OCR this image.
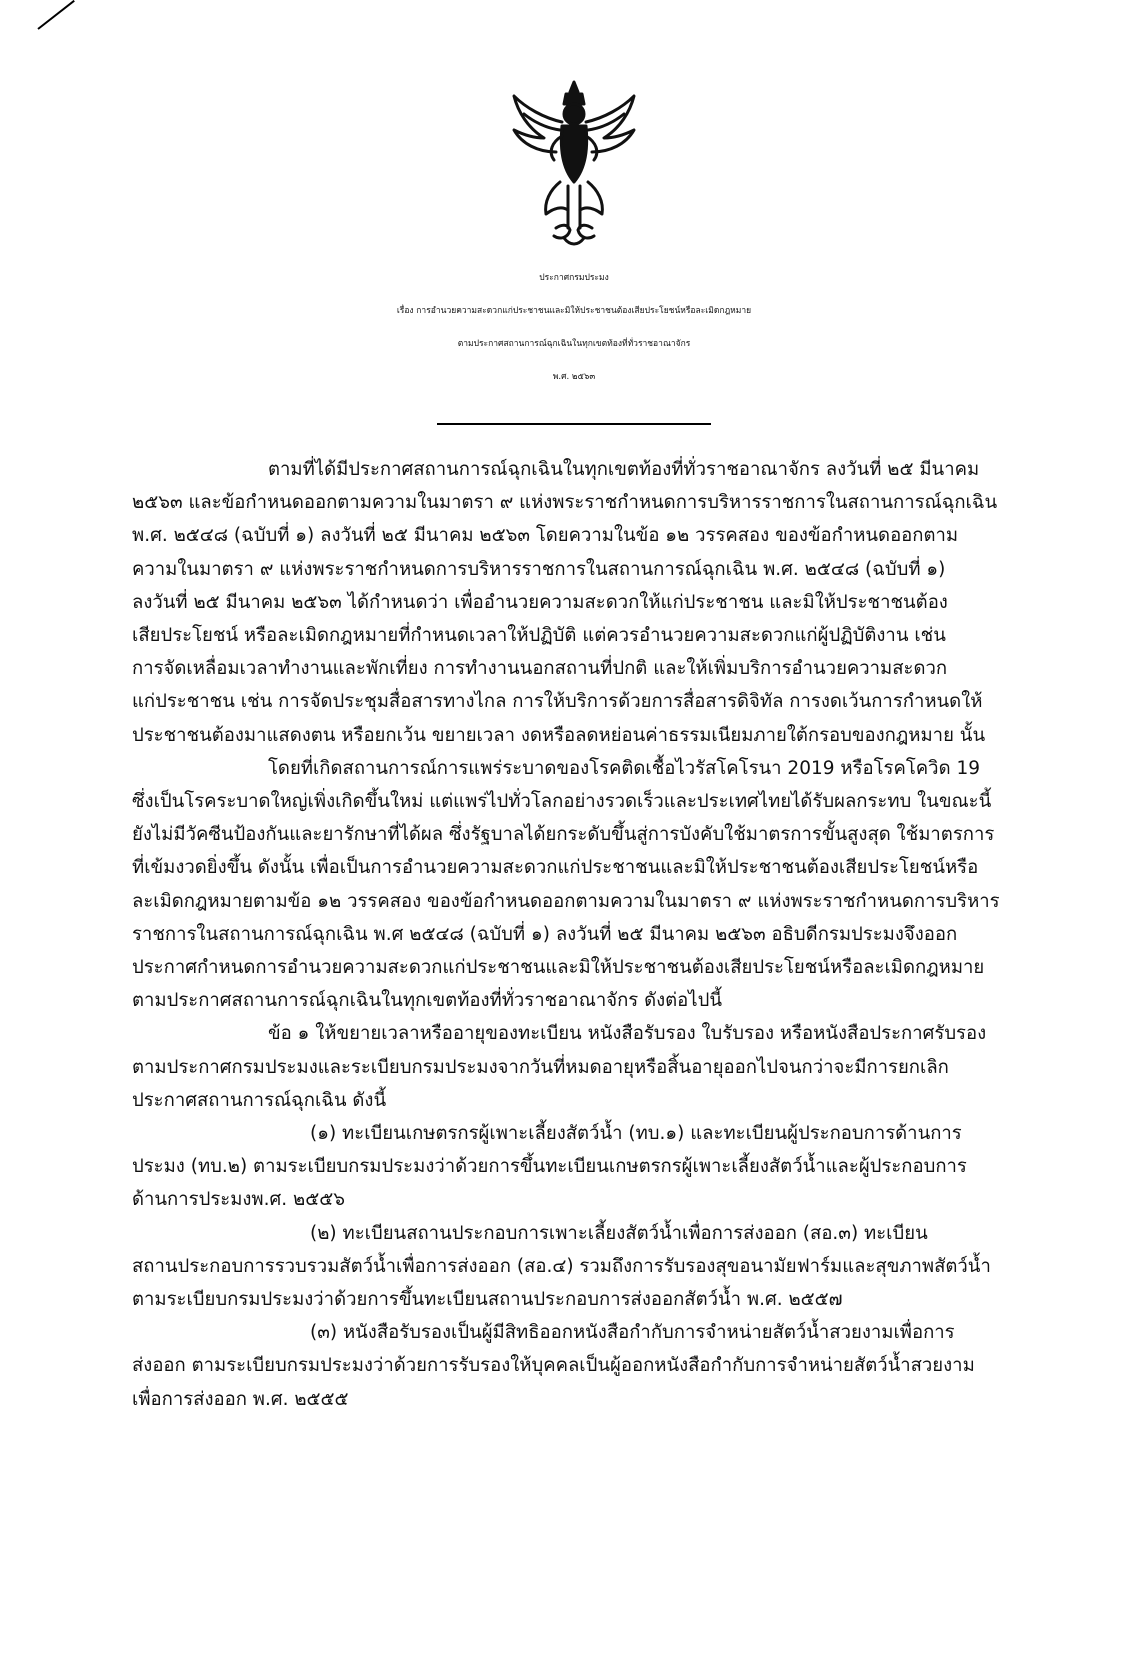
ประกาศกรมประมง
เรื่อง การอำนวยความสะดวกแก่ประชาชนและมิให้ประชาชนต้องเสียประโยชน์หรือละเมิดกฎหมาย
ตามประกาศสถานการณ์ฉุกเฉินในทุกเขตท้องที่ทั่วราชอาณาจักร
พ.ศ. ๒๕๖๓
ตามที่ได้มีประกาศสถานการณ์ฉุกเฉินในทุกเขตท้องที่ทั่วราชอาณาจักร ลงวันที่ ๒๕ มีนาคม
๒๕๖๓ และข้อกำหนดออกตามความในมาตรา ๙ แห่งพระราชกำหนดการบริหารราชการในสถานการณ์ฉุกเฉิน
พ.ศ. ๒๕๔๘ (ฉบับที่ ๑) ลงวันที่ ๒๕ มีนาคม ๒๕๖๓ โดยความในข้อ ๑๒ วรรคสอง ของข้อกำหนดออกตาม
ความในมาตรา ๙ แห่งพระราชกำหนดการบริหารราชการในสถานการณ์ฉุกเฉิน พ.ศ. ๒๕๔๘ (ฉบับที่ ๑)
ลงวันที่ ๒๕ มีนาคม ๒๕๖๓ ได้กำหนดว่า เพื่ออำนวยความสะดวกให้แก่ประชาชน และมิให้ประชาชนต้อง
เสียประโยชน์ หรือละเมิดกฎหมายที่กำหนดเวลาให้ปฏิบัติ แต่ควรอำนวยความสะดวกแก่ผู้ปฏิบัติงาน เช่น
การจัดเหลื่อมเวลาทำงานและพักเที่ยง การทำงานนอกสถานที่ปกติ และให้เพิ่มบริการอำนวยความสะดวก
แก่ประชาชน เช่น การจัดประชุมสื่อสารทางไกล การให้บริการด้วยการสื่อสารดิจิทัล การงดเว้นการกำหนดให้
ประชาชนต้องมาแสดงตน หรือยกเว้น ขยายเวลา งดหรือลดหย่อนค่าธรรมเนียมภายใต้กรอบของกฎหมาย นั้น
โดยที่เกิดสถานการณ์การแพร่ระบาดของโรคติดเชื้อไวรัสโคโรนา 2019 หรือโรคโควิด 19
ซึ่งเป็นโรคระบาดใหญ่เพิ่งเกิดขึ้นใหม่ แต่แพร่ไปทั่วโลกอย่างรวดเร็วและประเทศไทยได้รับผลกระทบ ในขณะนี้
ยังไม่มีวัคซีนป้องกันและยารักษาที่ได้ผล ซึ่งรัฐบาลได้ยกระดับขึ้นสู่การบังคับใช้มาตรการขั้นสูงสุด ใช้มาตรการ
ที่เข้มงวดยิ่งขึ้น ดังนั้น เพื่อเป็นการอำนวยความสะดวกแก่ประชาชนและมิให้ประชาชนต้องเสียประโยชน์หรือ
ละเมิดกฎหมายตามข้อ ๑๒ วรรคสอง ของข้อกำหนดออกตามความในมาตรา ๙ แห่งพระราชกำหนดการบริหาร
ราชการในสถานการณ์ฉุกเฉิน พ.ศ ๒๕๔๘ (ฉบับที่ ๑) ลงวันที่ ๒๕ มีนาคม ๒๕๖๓ อธิบดีกรมประมงจึงออก
ประกาศกำหนดการอำนวยความสะดวกแก่ประชาชนและมิให้ประชาชนต้องเสียประโยชน์หรือละเมิดกฎหมาย
ตามประกาศสถานการณ์ฉุกเฉินในทุกเขตท้องที่ทั่วราชอาณาจักร ดังต่อไปนี้
ข้อ ๑ ให้ขยายเวลาหรืออายุของทะเบียน หนังสือรับรอง ใบรับรอง หรือหนังสือประกาศรับรอง
ตามประกาศกรมประมงและระเบียบกรมประมงจากวันที่หมดอายุหรือสิ้นอายุออกไปจนกว่าจะมีการยกเลิก
ประกาศสถานการณ์ฉุกเฉิน ดังนี้
(๑) ทะเบียนเกษตรกรผู้เพาะเลี้ยงสัตว์น้ำ (ทบ.๑) และทะเบียนผู้ประกอบการด้านการ
ประมง (ทบ.๒) ตามระเบียบกรมประมงว่าด้วยการขึ้นทะเบียนเกษตรกรผู้เพาะเลี้ยงสัตว์น้ำและผู้ประกอบการ
ด้านการประมงพ.ศ. ๒๕๕๖
(๒) ทะเบียนสถานประกอบการเพาะเลี้ยงสัตว์น้ำเพื่อการส่งออก (สอ.๓) ทะเบียน
สถานประกอบการรวบรวมสัตว์น้ำเพื่อการส่งออก (สอ.๔) รวมถึงการรับรองสุขอนามัยฟาร์มและสุขภาพสัตว์น้ำ
ตามระเบียบกรมประมงว่าด้วยการขึ้นทะเบียนสถานประกอบการส่งออกสัตว์น้ำ พ.ศ. ๒๕๕๗
(๓) หนังสือรับรองเป็นผู้มีสิทธิออกหนังสือกำกับการจำหน่ายสัตว์น้ำสวยงามเพื่อการ
ส่งออก ตามระเบียบกรมประมงว่าด้วยการรับรองให้บุคคลเป็นผู้ออกหนังสือกำกับการจำหน่ายสัตว์น้ำสวยงาม
เพื่อการส่งออก พ.ศ. ๒๕๕๕
